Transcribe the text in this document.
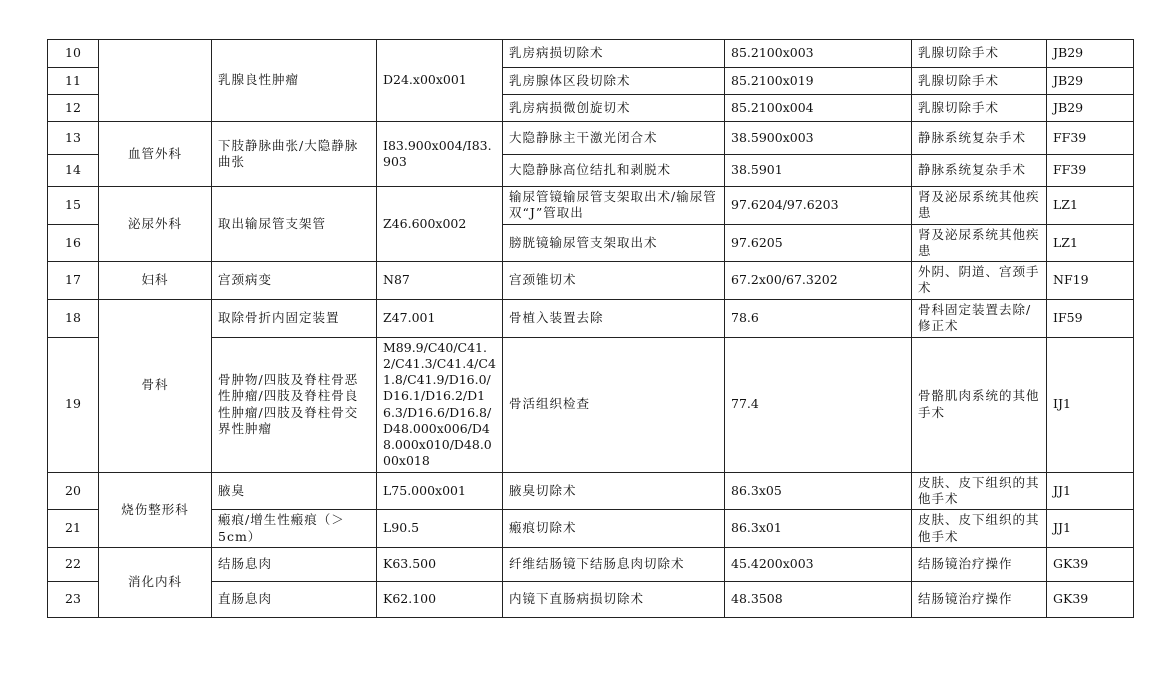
10		乳腺良性肿瘤	D24.x00x001	乳房病损切除术	85.2100x003	乳腺切除手术	JB29
11				乳房腺体区段切除术	85.2100x019	乳腺切除手术	JB29
12				乳房病损微创旋切术	85.2100x004	乳腺切除手术	JB29
13	血管外科	下肢静脉曲张/大隐静脉曲张	I83.900x004/I83.903	大隐静脉主干激光闭合术	38.5900x003	静脉系统复杂手术	FF39
14				大隐静脉高位结扎和剥脱术	38.5901	静脉系统复杂手术	FF39
15	泌尿外科	取出输尿管支架管	Z46.600x002	输尿管镜输尿管支架取出术/输尿管双“J”管取出	97.6204/97.6203	肾及泌尿系统其他疾患	LZ1
16				膀胱镜输尿管支架取出术	97.6205	肾及泌尿系统其他疾患	LZ1
17	妇科	宫颈病变	N87	宫颈锥切术	67.2x00/67.3202	外阴、阴道、宫颈手术	NF19
18	骨科	取除骨折内固定装置	Z47.001	骨植入装置去除	78.6	骨科固定装置去除/修正术	IF59
19		骨肿物/四肢及脊柱骨恶性肿瘤/四肢及脊柱骨良性肿瘤/四肢及脊柱骨交界性肿瘤	M89.9/C40/C41.2/C41.3/C41.4/C41.8/C41.9/D16.0/D16.1/D16.2/D16.3/D16.6/D16.8/D48.000x006/D48.000x010/D48.000x018	骨活组织检查	77.4	骨骼肌肉系统的其他手术	IJ1
20	烧伤整形科	腋臭	L75.000x001	腋臭切除术	86.3x05	皮肤、皮下组织的其他手术	JJ1
21		瘢痕/增生性瘢痕（＞5cm）	L90.5	瘢痕切除术	86.3x01	皮肤、皮下组织的其他手术	JJ1
22	消化内科	结肠息肉	K63.500	纤维结肠镜下结肠息肉切除术	45.4200x003	结肠镜治疗操作	GK39
23		直肠息肉	K62.100	内镜下直肠病损切除术	48.3508	结肠镜治疗操作	GK39
